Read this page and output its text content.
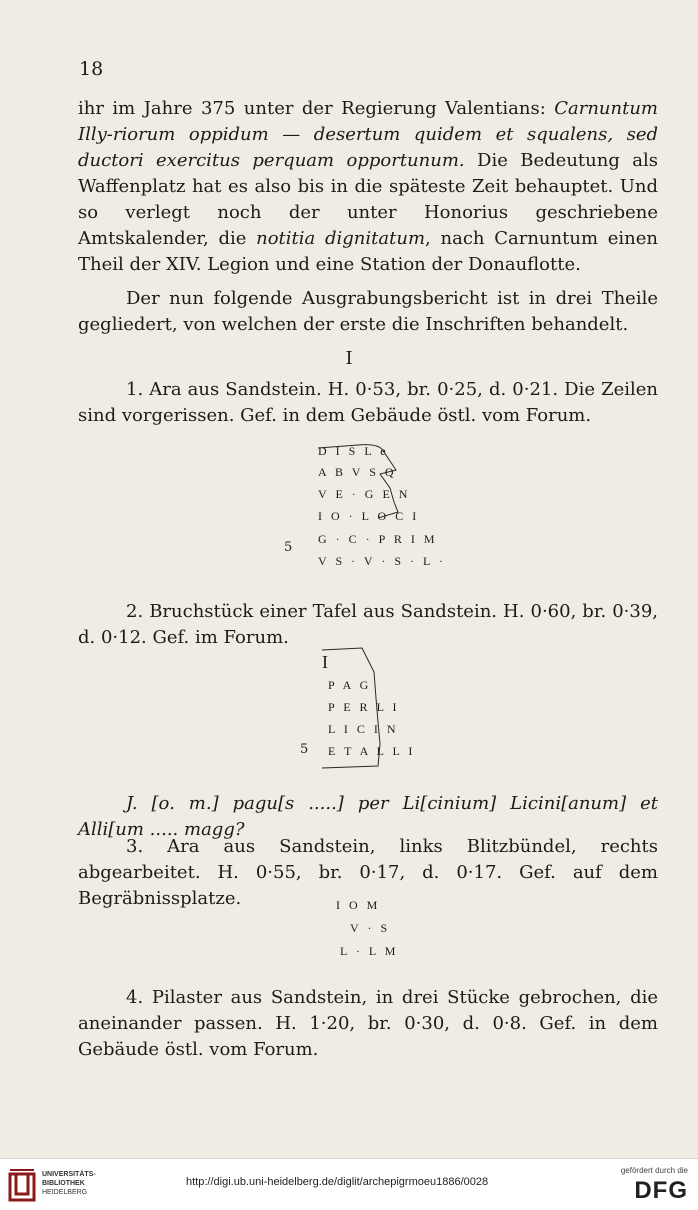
18

ihr im Jahre 375 unter der Regierung Valentians: Carnuntum Illy-riorum oppidum — desertum quidem et squalens, sed ductori exercitus perquam opportunum. Die Bedeutung als Waffenplatz hat es also bis in die späteste Zeit behauptet. Und so verlegt noch der unter Honorius geschriebene Amtskalender, die notitia dignitatum, nach Carnuntum einen Theil der XIV. Legion und eine Station der Donauflotte.

Der nun folgende Ausgrabungsbericht ist in drei Theile gegliedert, von welchen der erste die Inschriften behandelt.

I

1. Ara aus Sandstein. H. 0·53, br. 0·25, d. 0·21. Die Zeilen sind vorgerissen. Gef. in dem Gebäude östl. vom Forum.

D I S L e
A B V S Q
V E · G E N
I O · L O C I
G · C · P R I M
V S · V · S · L ·
5

2. Bruchstück einer Tafel aus Sandstein. H. 0·60, br. 0·39, d. 0·12. Gef. im Forum.

I
P A G
P E R L I
L I C I N
E T A L L I
5

J. [o. m.] pagu[s .....] per Li[cinium] Licini[anum] et Alli[um ..... magg?

3. Ara aus Sandstein, links Blitzbündel, rechts abgearbeitet. H. 0·55, br. 0·17, d. 0·17. Gef. auf dem Begräbnissplatze.	I O M
V · S
L · L M

4. Pilaster aus Sandstein, in drei Stücke gebrochen, die aneinander passen. H. 1·20, br. 0·30, d. 0·8. Gef. in dem Gebäude östl. vom Forum.

UNIVERSITÄTS-
BIBLIOTHEK
HEIDELBERG
http://digi.ub.uni-heidelberg.de/diglit/archepigrmoeu1886/0028
gefördert durch die
DFG
